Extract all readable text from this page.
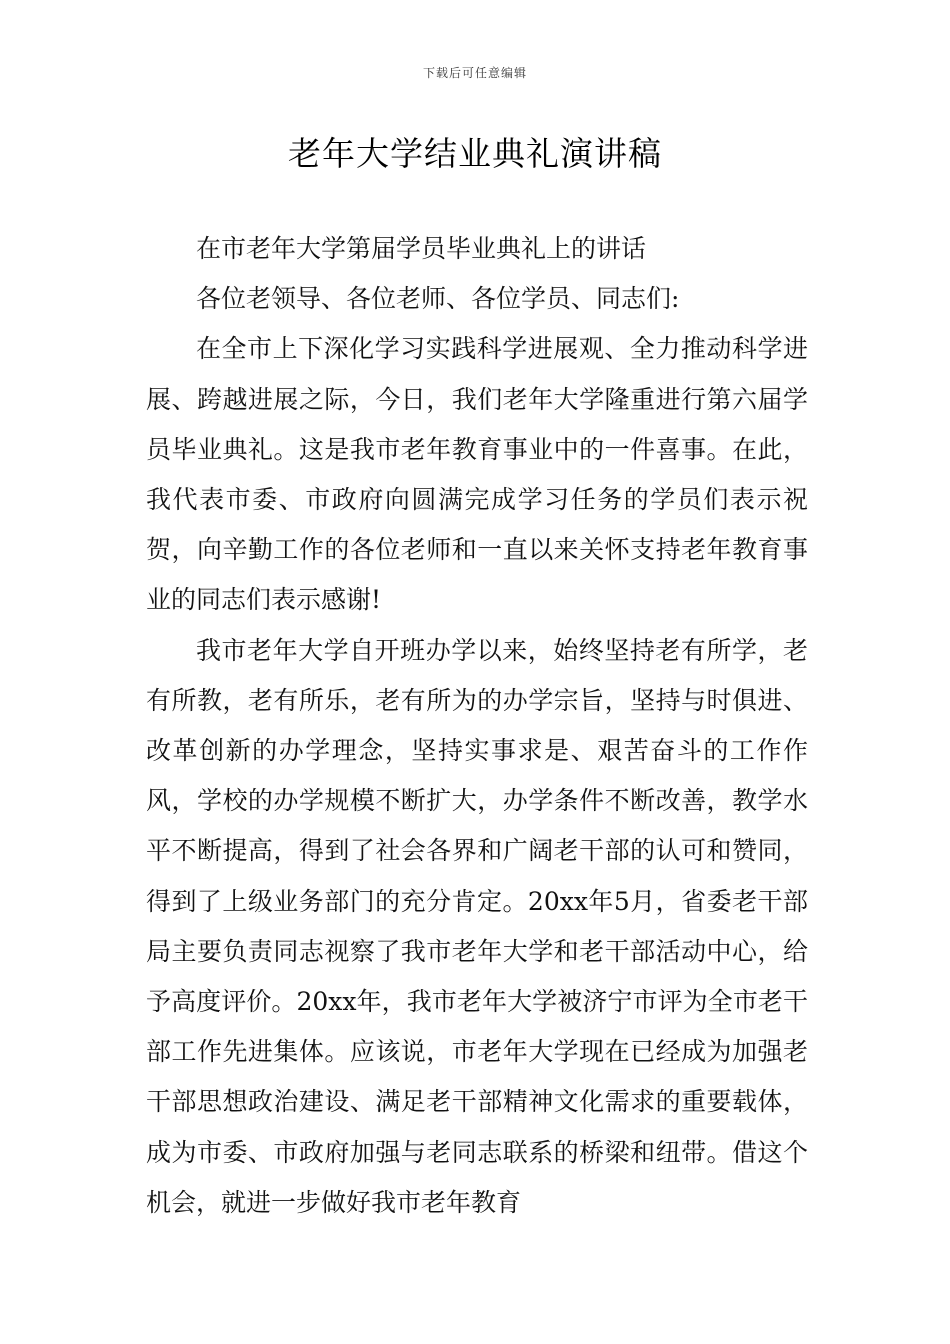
下载后可任意编辑
老年大学结业典礼演讲稿

在市老年大学第届学员毕业典礼上的讲话

各位老领导、各位老师、各位学员、同志们:

在全市上下深化学习实践科学进展观、全力推动科学进展、跨越进展之际，今日，我们老年大学隆重进行第六届学员毕业典礼。这是我市老年教育事业中的一件喜事。在此，我代表市委、市政府向圆满完成学习任务的学员们表示祝贺，向辛勤工作的各位老师和一直以来关怀支持老年教育事业的同志们表示感谢!

我市老年大学自开班办学以来，始终坚持老有所学，老有所教，老有所乐，老有所为的办学宗旨，坚持与时俱进、改革创新的办学理念，坚持实事求是、艰苦奋斗的工作作风，学校的办学规模不断扩大，办学条件不断改善，教学水平不断提高，得到了社会各界和广阔老干部的认可和赞同，得到了上级业务部门的充分肯定。20xx年5月，省委老干部局主要负责同志视察了我市老年大学和老干部活动中心，给予高度评价。20xx年，我市老年大学被济宁市评为全市老干部工作先进集体。应该说，市老年大学现在已经成为加强老干部思想政治建设、满足老干部精神文化需求的重要载体，成为市委、市政府加强与老同志联系的桥梁和纽带。借这个机会，就进一步做好我市老年教育
